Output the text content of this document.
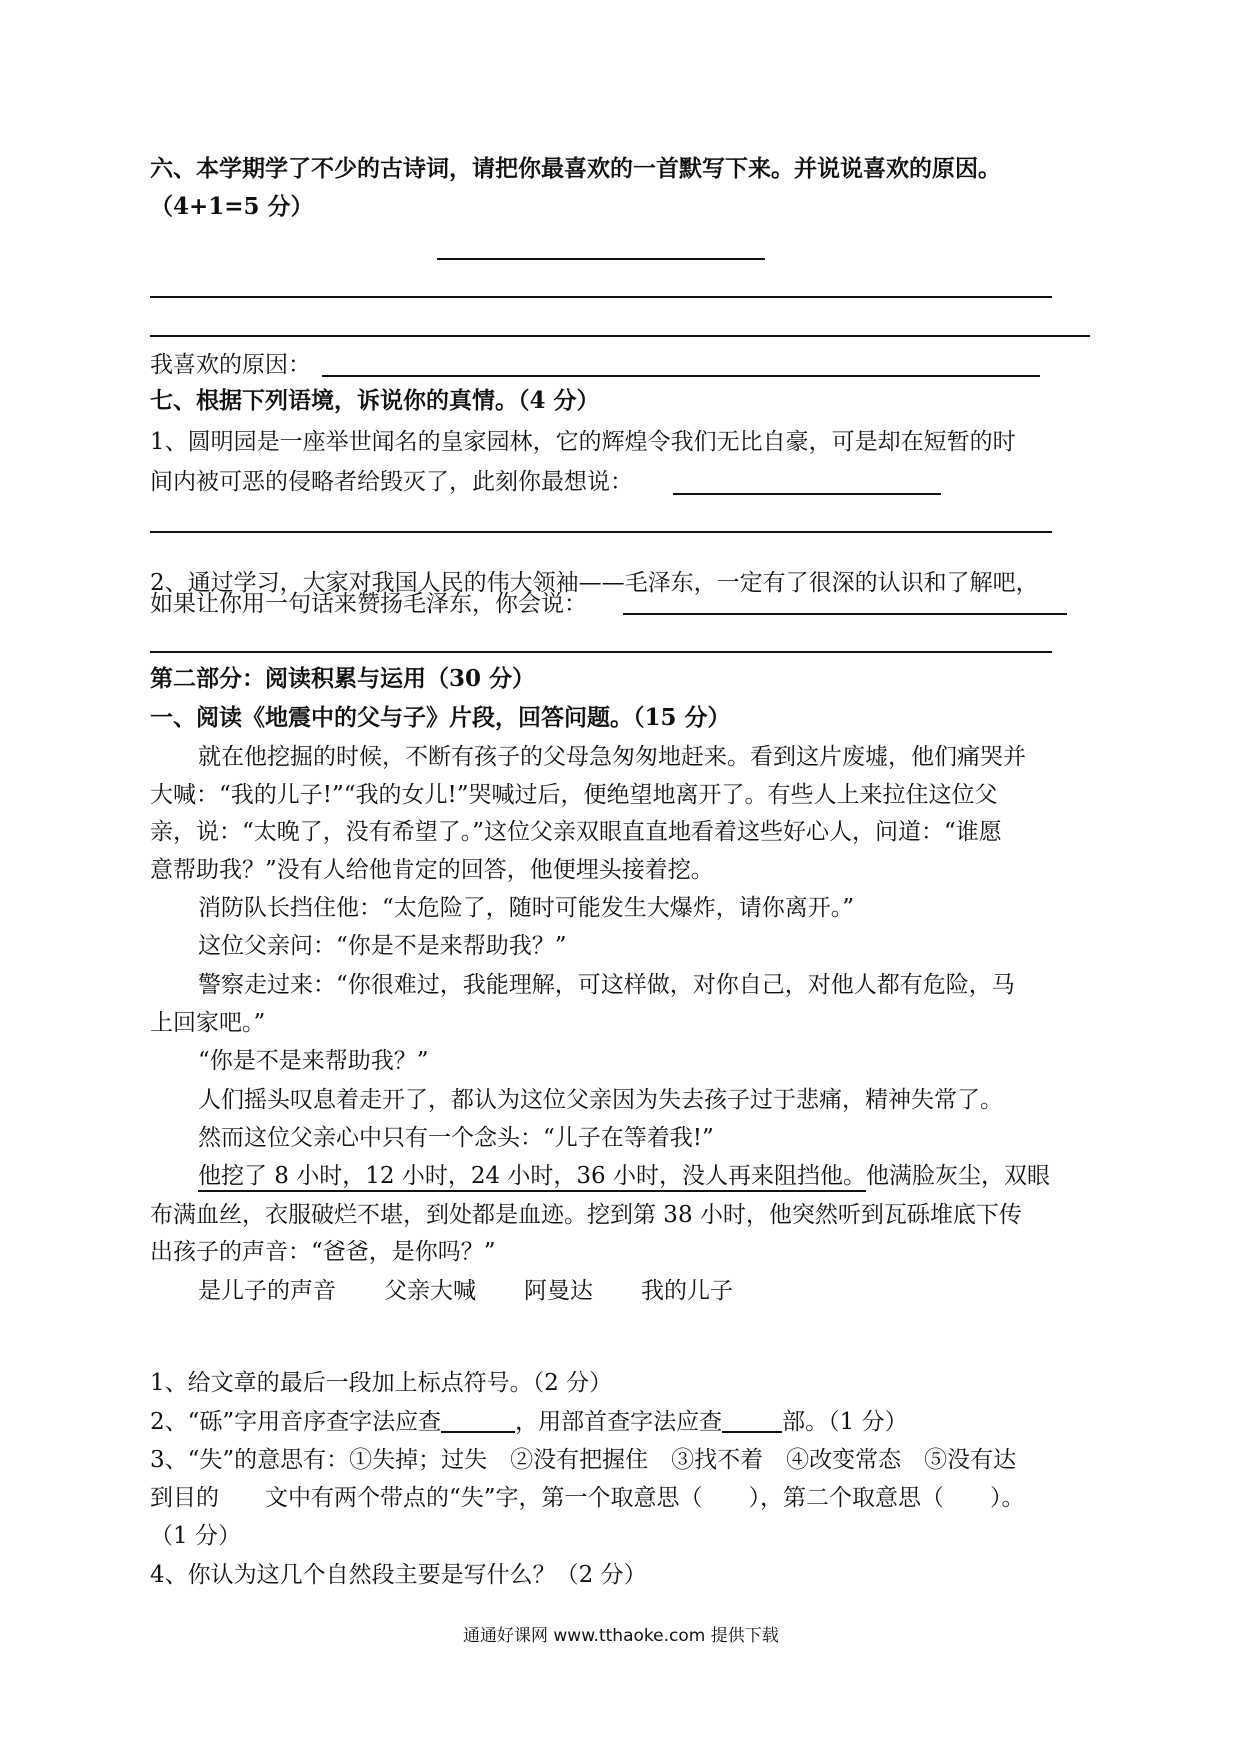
六、本学期学了不少的古诗词，请把你最喜欢的一首默写下来。并说说喜欢的原因。
（4+1=5 分）
我喜欢的原因：
七、根据下列语境，诉说你的真情。（4 分）
1、圆明园是一座举世闻名的皇家园林，它的辉煌令我们无比自豪，可是却在短暂的时
间内被可恶的侵略者给毁灭了，此刻你最想说：
2、通过学习，大家对我国人民的伟大领袖——毛泽东，一定有了很深的认识和了解吧，
如果让你用一句话来赞扬毛泽东，你会说：
第二部分：阅读积累与运用（30 分）
一、阅读《地震中的父与子》片段，回答问题。（15 分）
就在他挖掘的时候，不断有孩子的父母急匆匆地赶来。看到这片废墟，他们痛哭并
大喊：“我的儿子!”“我的女儿!”哭喊过后，便绝望地离开了。有些人上来拉住这位父
亲，说：“太晚了，没有希望了。”这位父亲双眼直直地看着这些好心人，问道：“谁愿
意帮助我？”没有人给他肯定的回答，他便埋头接着挖。
消防队长挡住他：“太危险了，随时可能发生大爆炸，请你离开。”
这位父亲问：“你是不是来帮助我？”
警察走过来：“你很难过，我能理解，可这样做，对你自己，对他人都有危险，马
上回家吧。”
“你是不是来帮助我？”
人们摇头叹息着走开了，都认为这位父亲因为失去孩子过于悲痛，精神失常了。
然而这位父亲心中只有一个念头：“儿子在等着我!”
他挖了 8 小时，12 小时，24 小时，36 小时，没人再来阻挡他。他满脸灰尘，双眼
布满血丝，衣服破烂不堪，到处都是血迹。挖到第 38 小时，他突然听到瓦砾堆底下传
出孩子的声音：“爸爸，是你吗？”
是儿子的声音 父亲大喊 阿曼达 我的儿子
1、给文章的最后一段加上标点符号。（2 分）
2、“砾”字用音序查字法应查	，用部首查字法应查	部。（1 分）
3、“失”的意思有：①失掉；过失　②没有把握住　③找不着　④改变常态　⑤没有达
到目的　　文中有两个带点的“失”字，第一个取意思（　　），第二个取意思（　　）。
（1 分）
4、你认为这几个自然段主要是写什么？（2 分）
通通好课网 www.tthaoke.com 提供下载
